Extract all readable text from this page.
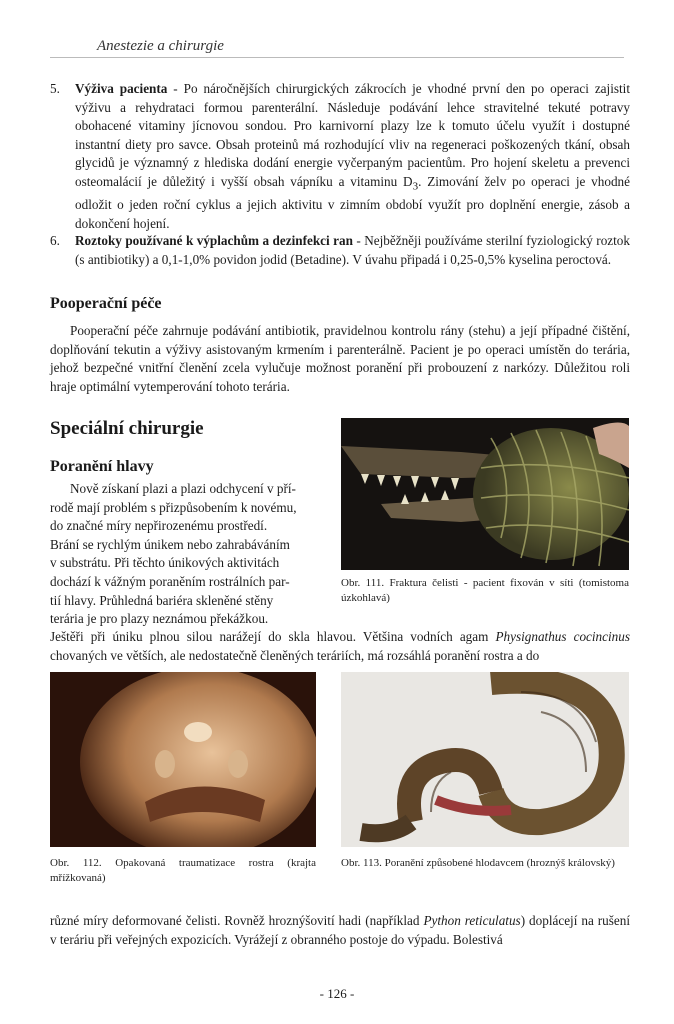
Anestezie a chirurgie
5.	Výživa pacienta - Po náročnějších chirurgických zákrocích je vhodné první den po operaci zajistit výživu a rehydrataci formou parenterální. Následuje podávání lehce stravitelné tekuté potravy obohacené vitaminy jícnovou sondou. Pro karnivorní plazy lze k tomuto účelu využít i dostupné instantní diety pro savce. Obsah proteinů má rozhodující vliv na regeneraci poškozených tkání, obsah glycidů je významný z hlediska dodání energie vyčerpaným pacientům. Pro hojení skeletu a prevenci osteomalácií je důležitý i vyšší obsah vápníku a vitaminu $D_3$. Zimování želv po operaci je vhodné odložit o jeden roční cyklus a jejich aktivitu v zimním období využít pro doplnění energie, zásob a dokončení hojení.
6.	Roztoky používané k výplachům a dezinfekci ran - Nejběžněji používáme sterilní fyziologický roztok (s antibiotiky) a 0,1-1,0% povidon jodid (Betadine). V úvahu připadá i 0,25-0,5% kyselina peroctová.
Pooperační péče
Pooperační péče zahrnuje podávání antibiotik, pravidelnou kontrolu rány (stehu) a její případné čištění, doplňování tekutin a výživy asistovaným krmením i parenterálně. Pacient je po operaci umístěn do terária, jehož bezpečné vnitřní členění zcela vylučuje možnost poranění při probouzení z narkózy. Důležitou roli hraje optimální vytemperování tohoto terária.
Speciální chirurgie
Poranění hlavy
Nově získaní plazi a plazi odchycení v pří-
rodě mají problém s přizpůsobením k novému,
do značné míry nepřirozenému prostředí.
Brání se rychlým únikem nebo zahrabáváním
v substrátu. Při těchto únikových aktivitách
dochází k vážným poraněním rostrálních par-
tií hlavy. Průhledná bariéra skleněné stěny
terária je pro plazy neznámou překážkou.
Obr. 111. Fraktura čelisti - pacient fixován v síti (tomistoma úzkohlavá)
Ještěři při úniku plnou silou narážejí do skla hlavou. Většina vodních agam Physignathus cocincinus chovaných ve větších, ale nedostatečně členěných teráriích, má rozsáhlá poranění rostra a do
Obr. 112. Opakovaná traumatizace rostra (krajta mřížkovaná)
Obr. 113. Poranění způsobené hlodavcem (hroznýš královský)
různé míry deformované čelisti. Rovněž hroznýšovití hadi (například Python reticulatus) doplácejí na rušení v teráriu při veřejných expozicích. Vyrážejí z obranného postoje do výpadu. Bolestivá
- 126 -
